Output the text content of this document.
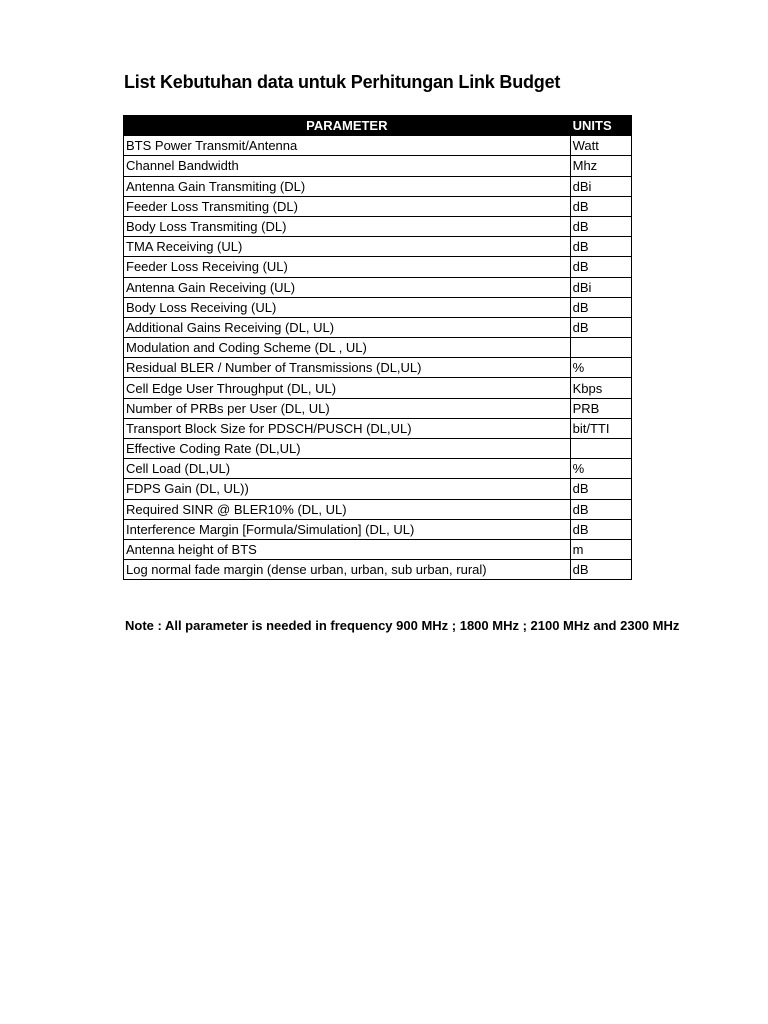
List Kebutuhan data untuk Perhitungan Link Budget
PARAMETER	UNITS
BTS Power Transmit/Antenna	Watt
Channel Bandwidth	Mhz
Antenna Gain Transmiting (DL)	dBi
Feeder Loss Transmiting (DL)	dB
Body Loss Transmiting (DL)	dB
TMA Receiving (UL)	dB
Feeder Loss Receiving (UL)	dB
Antenna Gain Receiving (UL)	dBi
Body Loss Receiving (UL)	dB
Additional Gains Receiving (DL, UL)	dB
Modulation and Coding Scheme (DL , UL)	
Residual BLER / Number of Transmissions (DL,UL)	%
Cell Edge User Throughput (DL, UL)	Kbps
Number of PRBs per User (DL, UL)	PRB
Transport Block Size for PDSCH/PUSCH (DL,UL)	bit/TTI
Effective Coding Rate (DL,UL)	
Cell Load (DL,UL)	%
FDPS Gain (DL, UL))	dB
Required SINR @ BLER10% (DL, UL)	dB
Interference Margin [Formula/Simulation] (DL, UL)	dB
Antenna height of BTS	m
Log normal fade margin (dense urban, urban, sub urban, rural)	dB

Note : All parameter is needed in frequency 900 MHz ; 1800 MHz ; 2100 MHz and 2300 MHz
